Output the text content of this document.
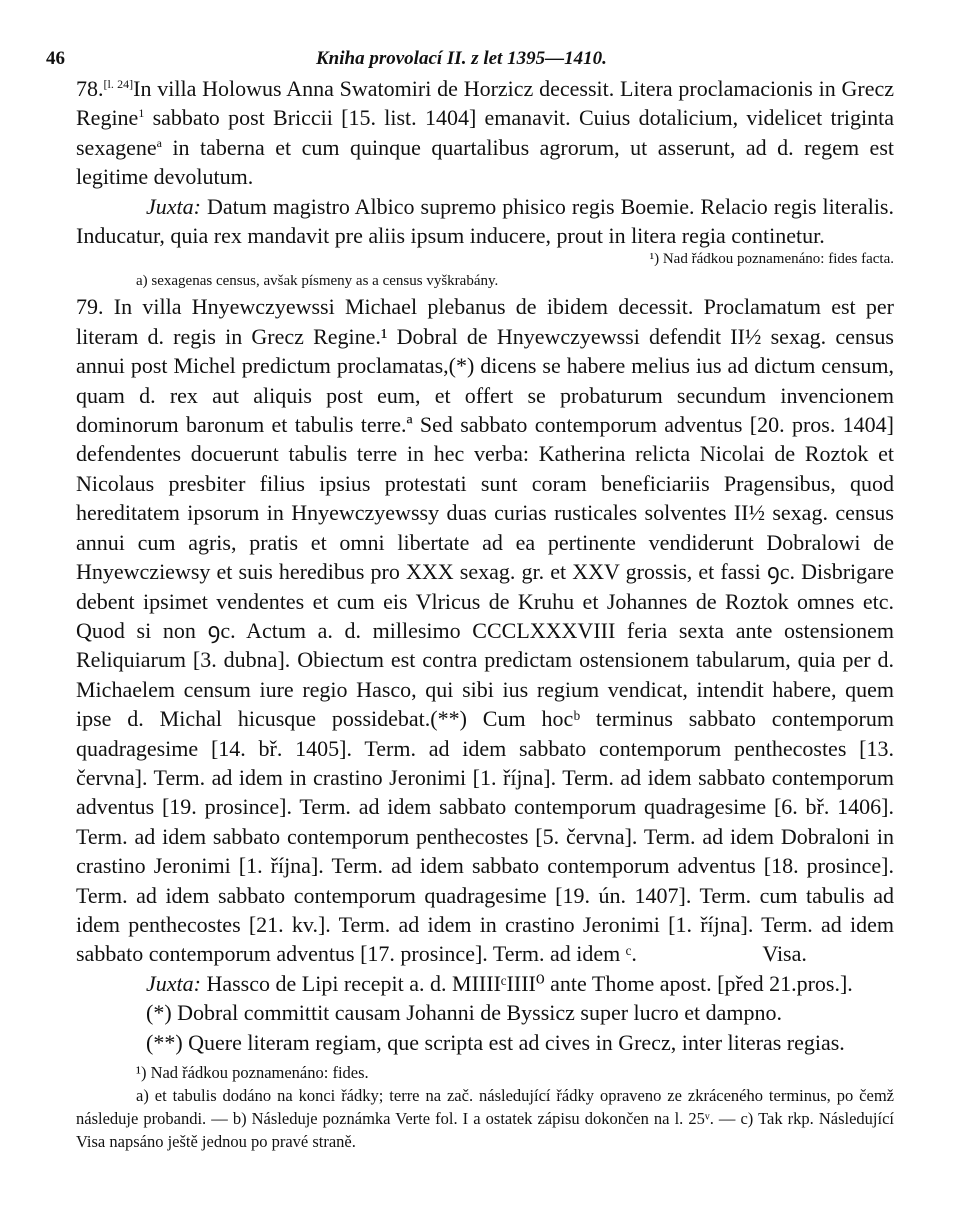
46	Kniha provolací II. z let 1395—1410.

78.[l. 24]In villa Holowus Anna Swatomiri de Horzicz decessit. Litera proclamacionis in Grecz Regine$^1$ sabbato post Briccii [15. list. 1404] emanavit. Cuius dotalicium, videlicet triginta sexagene$^a$ in taberna et cum quinque quartalibus agrorum, ut asserunt, ad d. regem est legitime devolutum.

Juxta: Datum magistro Albico supremo phisico regis Boemie. Relacio regis literalis. Inducatur, quia rex mandavit pre aliis ipsum inducere, prout in litera regia continetur.

¹) Nad řádkou poznamenáno: fides facta.

a) sexagenas census, avšak písmeny as a census vyškrabány.

79. In villa Hnyewczyewssi Michael plebanus de ibidem decessit. Proclamatum est per literam d. regis in Grecz Regine.¹ Dobral de Hnyewczyewssi defendit II½ sexag. census annui post Michel predictum proclamatas,(*) dicens se habere melius ius ad dictum censum, quam d. rex aut aliquis post eum, et offert se probaturum secundum invencionem dominorum baronum et tabulis terre.ª Sed sabbato contemporum adventus [20. pros. 1404] defendentes docuerunt tabulis terre in hec verba: Katherina relicta Nicolai de Roztok et Nicolaus presbiter filius ipsius protestati sunt coram beneficiariis Pragensibus, quod hereditatem ipsorum in Hnyewczyewssy duas curias rusticales solventes II½ sexag. census annui cum agris, pratis et omni libertate ad ea pertinente vendiderunt Dobralowi de Hnyewcziewsy et suis heredibus pro XXX sexag. gr. et XXV grossis, et fassi ꝯc. Disbrigare debent ipsimet vendentes et cum eis Vlricus de Kruhu et Johannes de Roztok omnes etc. Quod si non ꝯc. Actum a. d. millesimo CCCLXXXVIII feria sexta ante ostensionem Reliquiarum [3. dubna]. Obiectum est contra predictam ostensionem tabularum, quia per d. Michaelem censum iure regio Hasco, qui sibi ius regium vendicat, intendit habere, quem ipse d. Michal hicusque possidebat.(**) Cum hocᵇ terminus sabbato contemporum quadragesime [14. bř. 1405]. Term. ad idem sabbato contemporum penthecostes [13. června]. Term. ad idem in crastino Jeronimi [1. října]. Term. ad idem sabbato contemporum adventus [19. prosince]. Term. ad idem sabbato contemporum quadragesime [6. bř. 1406]. Term. ad idem sabbato contemporum penthecostes [5. června]. Term. ad idem Dobraloni in crastino Jeronimi [1. října]. Term. ad idem sabbato contemporum adventus [18. prosince]. Term. ad idem sabbato contemporum quadragesime [19. ún. 1407]. Term. cum tabulis ad idem penthecostes [21. kv.]. Term. ad idem in crastino Jeronimi [1. října]. Term. ad idem sabbato contemporum adventus [17. prosince]. Term. ad idem ᶜ.	Visa.

Juxta: Hassco de Lipi recepit a. d. MIIIIᶜIIII⁰ ante Thome apost. [před 21.pros.].

(*) Dobral committit causam Johanni de Byssicz super lucro et dampno.

(**) Quere literam regiam, que scripta est ad cives in Grecz, inter literas regias.

¹) Nad řádkou poznamenáno: fides.

a) et tabulis dodáno na konci řádky; terre na zač. následující řádky opraveno ze zkráceného terminus, po čemž následuje probandi. — b) Následuje poznámka Verte fol. I a ostatek zápisu dokončen na l. 25ᵛ. — c) Tak rkp. Následující Visa napsáno ještě jednou po pravé straně.
